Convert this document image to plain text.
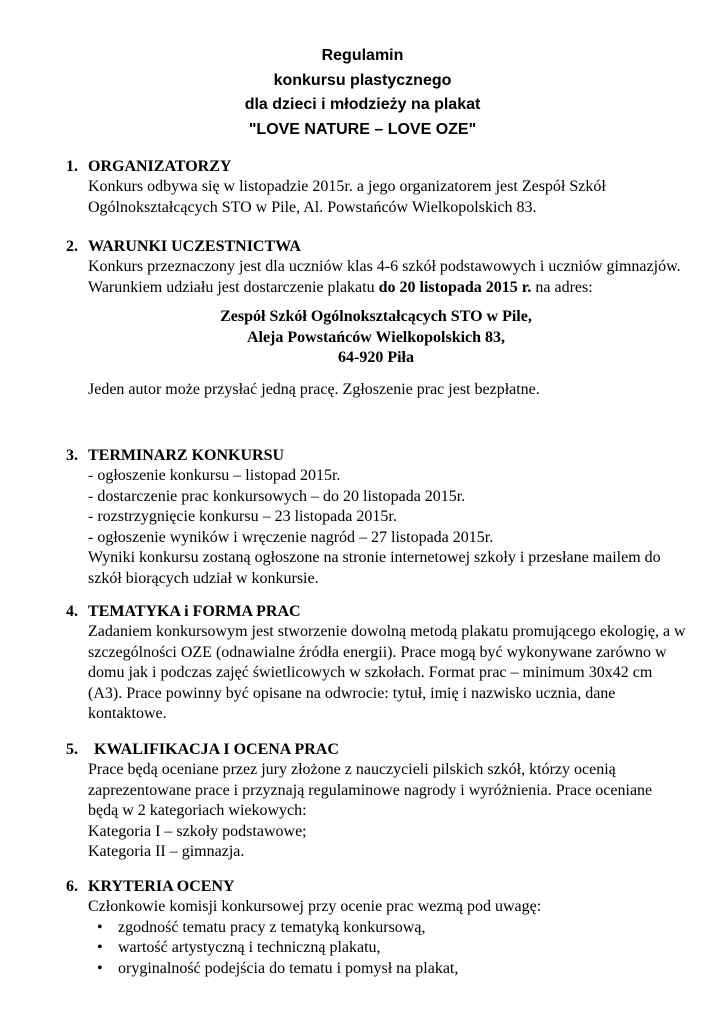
Regulamin
konkursu plastycznego
dla dzieci i młodzieży na plakat
"LOVE NATURE – LOVE OZE"
1. ORGANIZATORZY

Konkurs odbywa się w listopadzie 2015r. a jego organizatorem jest Zespół Szkół Ogólnokształcących STO w Pile, Al. Powstańców Wielkopolskich 83.

2. WARUNKI UCZESTNICTWA

Konkurs przeznaczony jest dla uczniów klas 4-6 szkół podstawowych i uczniów gimnazjów. Warunkiem udziału jest dostarczenie plakatu do 20 listopada 2015 r. na adres:

Zespół Szkół Ogólnokształcących STO w Pile,
Aleja Powstańców Wielkopolskich 83,
64-920 Piła

Jeden autor może przysłać jedną pracę. Zgłoszenie prac jest bezpłatne.

3. TERMINARZ KONKURSU

- ogłoszenie konkursu – listopad 2015r.

- dostarczenie prac konkursowych – do 20 listopada 2015r.

- rozstrzygnięcie konkursu – 23 listopada 2015r.

- ogłoszenie wyników i wręczenie nagród – 27 listopada 2015r.

Wyniki konkursu zostaną ogłoszone na stronie internetowej szkoły i przesłane mailem do szkół biorących udział w konkursie.

4. TEMATYKA i FORMA PRAC

Zadaniem konkursowym jest stworzenie dowolną metodą plakatu promującego ekologię, a w szczególności OZE (odnawialne źródła energii). Prace mogą być wykonywane zarówno w domu jak i podczas zajęć świetlicowych w szkołach. Format prac – minimum 30x42 cm (A3). Prace powinny być opisane na odwrocie: tytuł, imię i nazwisko ucznia, dane kontaktowe.

5. KWALIFIKACJA I OCENA PRAC

Prace będą oceniane przez jury złożone z nauczycieli pilskich szkół, którzy ocenią zaprezentowane prace i przyznają regulaminowe nagrody i wyróżnienia. Prace oceniane będą w 2 kategoriach wiekowych:

Kategoria I – szkoły podstawowe;

Kategoria II – gimnazja.

6. KRYTERIA OCENY

Członkowie komisji konkursowej przy ocenie prac wezmą pod uwagę:

• zgodność tematu pracy z tematyką konkursową,
• wartość artystyczną i techniczną plakatu,
• oryginalność podejścia do tematu i pomysł na plakat,
